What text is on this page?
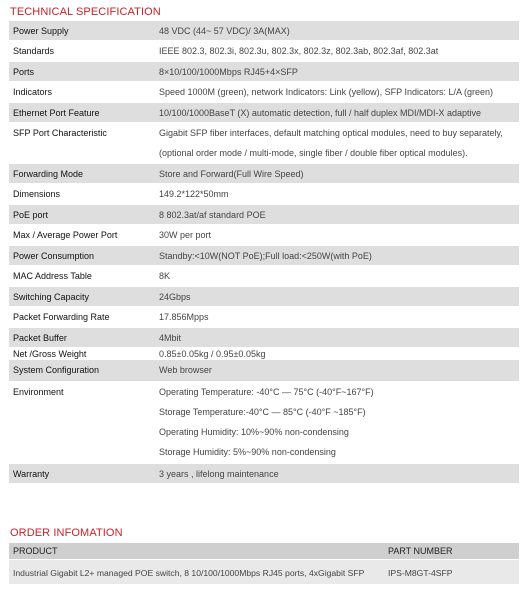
TECHNICAL SPECIFICATION
Power Supply	48 VDC (44~ 57 VDC)/ 3A(MAX)
Standards	IEEE 802.3, 802.3i, 802.3u, 802.3x, 802.3z, 802.3ab, 802.3af, 802.3at
Ports	8×10/100/1000Mbps RJ45+4×SFP
Indicators	Speed 1000M (green), network Indicators: Link (yellow), SFP Indicators: L/A (green)
Ethernet Port Feature	10/100/1000BaseT (X) automatic detection, full / half duplex MDI/MDI-X adaptive
SFP Port Characteristic	Gigabit SFP fiber interfaces, default matching optical modules, need to buy separately,
(optional order mode / multi-mode, single fiber / double fiber optical modules).
Forwarding Mode	Store and Forward(Full Wire Speed)
Dimensions	149.2*122*50mm
PoE port	8 802.3at/af standard POE
Max / Average Power Port	30W per port
Power Consumption	Standby:<10W(NOT PoE);Full load:<250W(with PoE)
MAC Address Table	8K
Switching Capacity	24Gbps
Packet Forwarding Rate	17.856Mpps
Packet Buffer	4Mbit
Net /Gross Weight	0.85±0.05kg / 0.95±0.05kg
System Configuration	Web browser
Environment	Operating Temperature: -40°C — 75°C (-40°F~167°F)
Storage Temperature:-40°C — 85°C (-40°F ~185°F)
Operating Humidity: 10%~90% non-condensing
Storage Humidity: 5%~90% non-condensing
Warranty	3 years , lifelong maintenance
ORDER INFOMATION
PRODUCT	PART NUMBER
Industrial Gigabit L2+ managed POE switch, 8 10/100/1000Mbps RJ45 ports, 4xGigabit SFP	IPS-M8GT-4SFP
